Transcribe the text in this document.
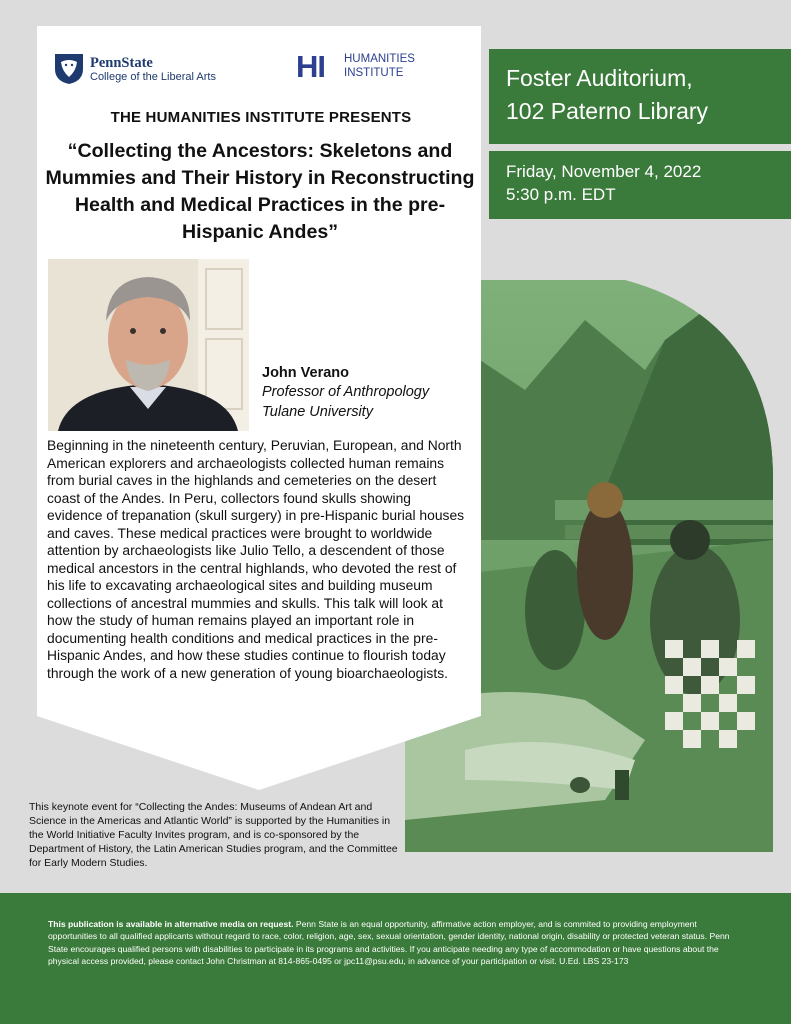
PennState
College of the Liberal Arts	HI HUMANITIES
INSTITUTE
THE HUMANITIES INSTITUTE PRESENTS
“Collecting the Ancestors: Skeletons and Mummies and Their History in Reconstructing Health and Medical Practices in the pre-Hispanic Andes”
John Verano
Professor of Anthropology
Tulane University
Beginning in the nineteenth century, Peruvian, European, and North American explorers and archaeologists collected human remains from burial caves in the highlands and cemeteries on the desert coast of the Andes. In Peru, collectors found skulls showing evidence of trepanation (skull surgery) in pre-Hispanic burial houses and caves. These medical practices were brought to worldwide attention by archaeologists like Julio Tello, a descendent of those medical ancestors in the central highlands, who devoted the rest of his life to excavating archaeological sites and building museum collections of ancestral mummies and skulls. This talk will look at how the study of human remains played an important role in documenting health conditions and medical practices in the pre-Hispanic Andes, and how these studies continue to flourish today through the work of a new generation of young bioarchaeologists.
This keynote event for “Collecting the Andes: Museums of Andean Art and Science in the Americas and Atlantic World” is supported by the Humanities in the World Initiative Faculty Invites program, and is co-sponsored by the Department of History, the Latin American Studies program, and the Committee for Early Modern Studies.
Foster Auditorium,
102 Paterno Library
Friday, November 4, 2022
5:30 p.m. EDT
This publication is available in alternative media on request. Penn State is an equal opportunity, affirmative action employer, and is commited to providing employment opportunities to all qualified applicants without regard to race, color, religion, age, sex, sexual orientation, gender identity, national origin, disability or protected veteran status. Penn State encourages qualified persons with disabilities to participate in its programs and activities. If you anticipate needing any type of accommodation or have questions about the physical access provided, please contact John Christman at 814-865-0495 or jpc11@psu.edu, in advance of your participation or visit. U.Ed. LBS 23-173
